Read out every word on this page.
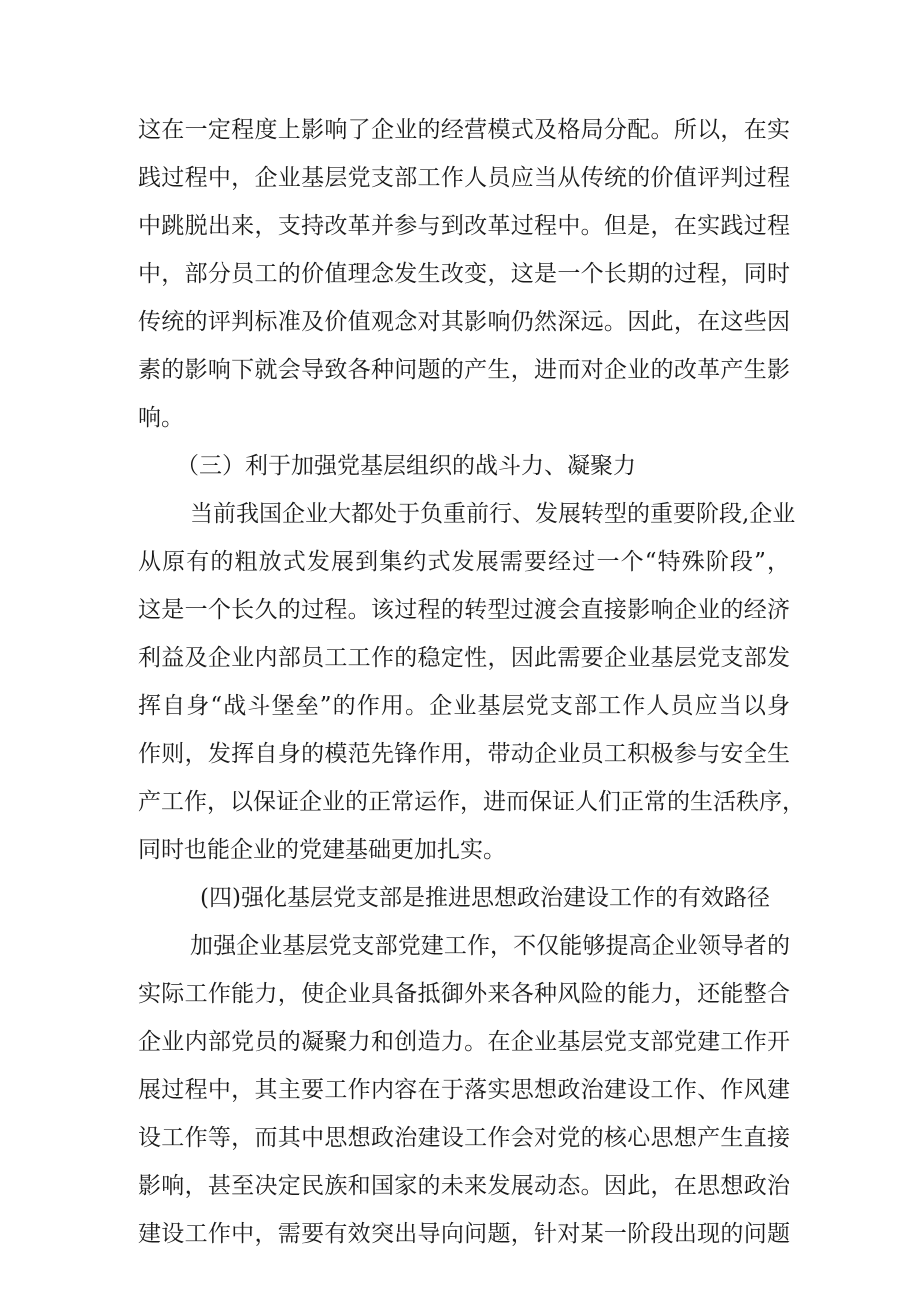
这在一定程度上影响了企业的经营模式及格局分配。所以，在实
践过程中，企业基层党支部工作人员应当从传统的价值评判过程
中跳脱出来，支持改革并参与到改革过程中。但是，在实践过程
中，部分员工的价值理念发生改变，这是一个长期的过程，同时
传统的评判标准及价值观念对其影响仍然深远。因此，在这些因
素的影响下就会导致各种问题的产生，进而对企业的改革产生影
响。
（三）利于加强党基层组织的战斗力、凝聚力
当前我国企业大都处于负重前行、发展转型的重要阶段,企业
从原有的粗放式发展到集约式发展需要经过一个“特殊阶段”，
这是一个长久的过程。该过程的转型过渡会直接影响企业的经济
利益及企业内部员工工作的稳定性，因此需要企业基层党支部发
挥自身“战斗堡垒”的作用。企业基层党支部工作人员应当以身
作则，发挥自身的模范先锋作用，带动企业员工积极参与安全生
产工作，以保证企业的正常运作，进而保证人们正常的生活秩序，
同时也能企业的党建基础更加扎实。
(四)强化基层党支部是推进思想政治建设工作的有效路径
加强企业基层党支部党建工作，不仅能够提高企业领导者的
实际工作能力，使企业具备抵御外来各种风险的能力，还能整合
企业内部党员的凝聚力和创造力。在企业基层党支部党建工作开
展过程中，其主要工作内容在于落实思想政治建设工作、作风建
设工作等，而其中思想政治建设工作会对党的核心思想产生直接
影响，甚至决定民族和国家的未来发展动态。因此，在思想政治
建设工作中，需要有效突出导向问题，针对某一阶段出现的问题
